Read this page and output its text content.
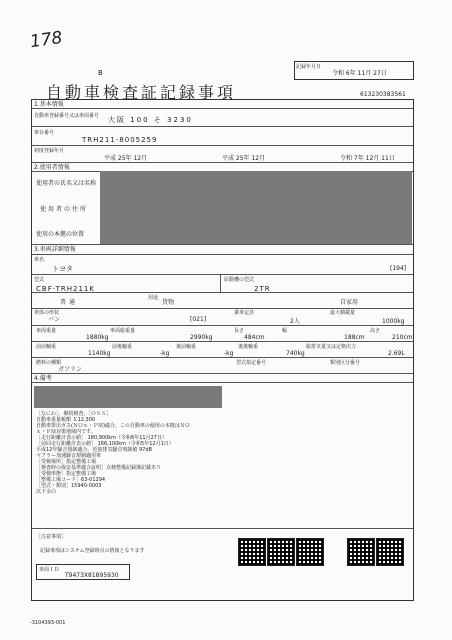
178
B
自動車検査証記録事項
記録年月日
令和 6年 11月 27日
613230383561
1.基本情報
自動車登録番号又は車両番号 大阪 100 そ 3230
車台番号
TRH211-8005259
初度登録年月
平成 25年 12月	平成 25年 12月	令和 7年 12月 11日
2.使用者情報
使用者の氏名又は名称
使用者の住所
使用の本拠の位置
3.車両詳細情報
車名
トヨタ	[194]
型式
CBF-TRH211K
原動機の型式
2TR
普通
用途
貨物	自家用
車体の形状
バン	[021]
乗車定員
2人
最大積載量
1000kg
車両重量
1880kg
車両総重量
2990kg
長さ
484cm
幅
188cm
高さ
210cm
前前軸重
1140kg
前後軸重
-kg
後前軸重
-kg
後後軸重
740kg
総排気量又は定格出力
2.69L
燃料の種類
ガソリン
型式指定番号	類別区分番号
4.備考
［なにわ］、継続検査、［ＯＳＳ］
自動車重量税額 ￥12,300
自動車排出ガス(ＮＯｘ・ＰＭ)適合、この自動車の使用の本拠はＮＯ
ｘ・ＰＭ対策地域内です。
［走行距離計表示値］ 180,900km（令和6年11月27日）
［前回走行距離計表示値］ 166,100km（令和5年12月1日）
平成12年騒音規制適合、近接排気騒音規制値 97dB
マフラー加速騒音規制適用車
［受検場所］指定整備工場
［検査時の保安基準適合証明］点検整備記録簿記載あり
［受検形態］指定整備工場
［整備工場コード］63-01294
［型式・類別］15940-0003
以下余白
［注意事項］
記録事項はシステム登録時点の情報となります
車両ＩＤ
T9473X81895930
-3104393-001
